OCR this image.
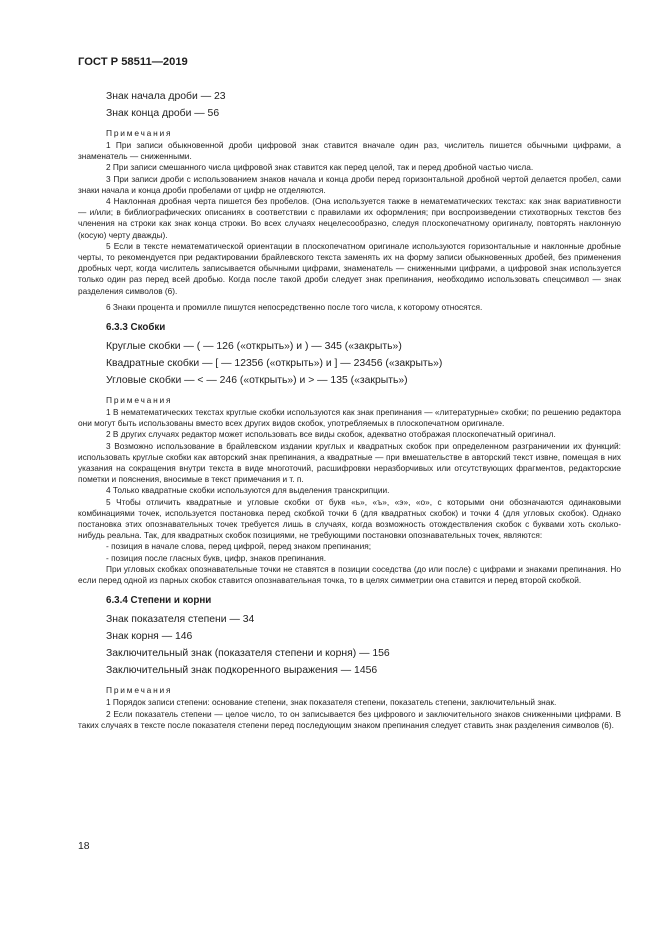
ГОСТ Р 58511—2019

Знак начала дроби — 23

Знак конца дроби — 56

Примечания

1 При записи обыкновенной дроби цифровой знак ставится вначале один раз, числитель пишется обычными цифрами, а знаменатель — сниженными.

2 При записи смешанного числа цифровой знак ставится как перед целой, так и перед дробной частью числа.

3 При записи дроби с использованием знаков начала и конца дроби перед горизонтальной дробной чертой делается пробел, сами знаки начала и конца дроби пробелами от цифр не отделяются.

4 Наклонная дробная черта пишется без пробелов. (Она используется также в нематематических текстах: как знак вариативности — и/или; в библиографических описаниях в соответствии с правилами их оформления; при воспроизведении стихотворных текстов без членения на строки как знак конца строки. Во всех случаях нецелесообразно, следуя плоскопечатному оригиналу, повторять наклонную (косую) черту дважды).

5 Если в тексте нематематической ориентации в плоскопечатном оригинале используются горизонтальные и наклонные дробные черты, то рекомендуется при редактировании брайлевского текста заменять их на форму записи обыкновенных дробей, без применения дробных черт, когда числитель записывается обычными цифрами, знаменатель — сниженными цифрами, а цифровой знак используется только один раз перед всей дробью. Когда после такой дроби следует знак препинания, необходимо использовать спецсимвол — знак разделения символов (6).

6 Знаки процента и промилле пишутся непосредственно после того числа, к которому относятся.

6.3.3 Скобки

Круглые скобки — ( — 126 («открыть») и ) — 345 («закрыть»)

Квадратные скобки — [ — 12356 («открыть») и ] — 23456 («закрыть»)

Угловые скобки — < — 246 («открыть») и > — 135 («закрыть»)

Примечания

1 В нематематических текстах круглые скобки используются как знак препинания — «литературные» скобки; по решению редактора они могут быть использованы вместо всех других видов скобок, употребляемых в плоскопечатном оригинале.

2 В других случаях редактор может использовать все виды скобок, адекватно отображая плоскопечатный оригинал.

3 Возможно использование в брайлевском издании круглых и квадратных скобок при определенном разграничении их функций: использовать круглые скобки как авторский знак препинания, а квадратные — при вмешательстве в авторский текст извне, помещая в них указания на сокращения внутри текста в виде многоточий, расшифровки неразборчивых или отсутствующих фрагментов, редакторские пометки и пояснения, вносимые в текст примечания и т. п.

4 Только квадратные скобки используются для выделения транскрипции.

5 Чтобы отличить квадратные и угловые скобки от букв «ь», «ъ», «э», «о», с которыми они обозначаются одинаковыми комбинациями точек, используется постановка перед скобкой точки 6 (для квадратных скобок) и точки 4 (для угловых скобок). Однако постановка этих опознавательных точек требуется лишь в случаях, когда возможность отождествления скобок с буквами хоть сколько-нибудь реальна. Так, для квадратных скобок позициями, не требующими постановки опознавательных точек, являются:

- позиция в начале слова, перед цифрой, перед знаком препинания;

- позиция после гласных букв, цифр, знаков препинания.

При угловых скобках опознавательные точки не ставятся в позиции соседства (до или после) с цифрами и знаками препинания. Но если перед одной из парных скобок ставится опознавательная точка, то в целях симметрии она ставится и перед второй скобкой.

6.3.4 Степени и корни

Знак показателя степени — 34

Знак корня — 146

Заключительный знак (показателя степени и корня) — 156

Заключительный знак подкоренного выражения — 1456

Примечания

1 Порядок записи степени: основание степени, знак показателя степени, показатель степени, заключительный знак.

2 Если показатель степени — целое число, то он записывается без цифрового и заключительного знаков сниженными цифрами. В таких случаях в тексте после показателя степени перед последующим знаком препинания следует ставить знак разделения символов (6).

18
